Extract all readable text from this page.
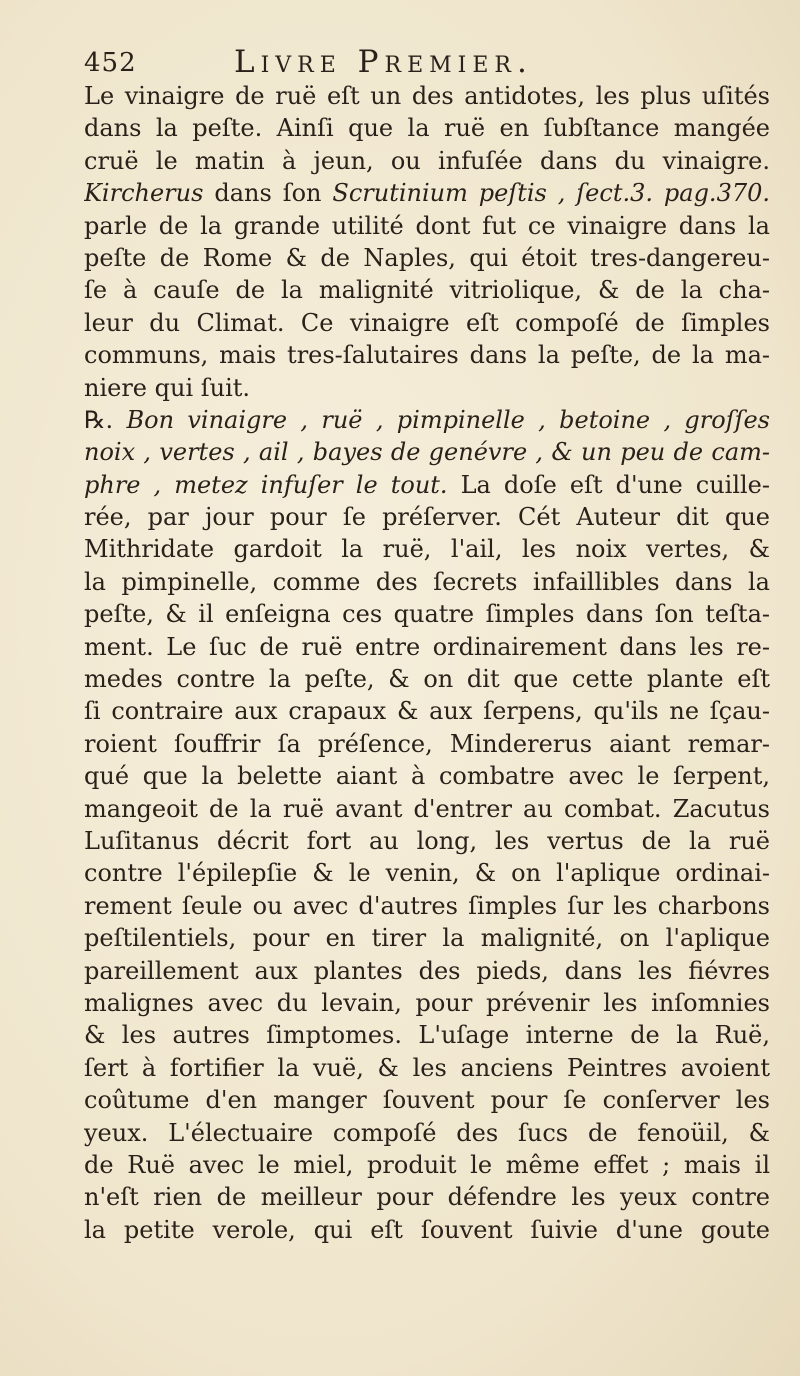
452	Livre Premier.
Le vinaigre de ruë eſt un des antidotes, les plus uſités
dans la peſte. Ainſi que la ruë en ſubſtance mangée
cruë le matin à jeun, ou infuſée dans du vinaigre.
Kircherus dans ſon Scrutinium peſtis , ſect.3. pag.370.
parle de la grande utilité dont fut ce vinaigre dans la
peſte de Rome & de Naples, qui étoit tres-dangereu-
ſe à cauſe de la malignité vitriolique, & de la cha-
leur du Climat. Ce vinaigre eſt compoſé de ſimples
communs, mais tres-ſalutaires dans la peſte, de la ma-
niere qui ſuit.
℞. Bon vinaigre , ruë , pimpinelle , betoine , groſſes
noix , vertes , ail , bayes de genévre , & un peu de cam-
phre , metez infuſer le tout. La doſe eſt d'une cuille-
rée, par jour pour ſe préſerver. Cét Auteur dit que
Mithridate gardoit la ruë, l'ail, les noix vertes, &
la pimpinelle, comme des ſecrets infaillibles dans la
peſte, & il enſeigna ces quatre ſimples dans ſon teſta-
ment. Le ſuc de ruë entre ordinairement dans les re-
medes contre la peſte, & on dit que cette plante eſt
ſi contraire aux crapaux & aux ſerpens, qu'ils ne ſçau-
roient ſouffrir ſa préſence, Mindererus aiant remar-
qué que la belette aiant à combatre avec le ſerpent,
mangeoit de la ruë avant d'entrer au combat. Zacutus
Luſitanus décrit fort au long, les vertus de la ruë
contre l'épilepſie & le venin, & on l'aplique ordinai-
rement ſeule ou avec d'autres ſimples ſur les charbons
peſtilentiels, pour en tirer la malignité, on l'aplique
pareillement aux plantes des pieds, dans les fiévres
malignes avec du levain, pour prévenir les inſomnies
& les autres ſimptomes. L'uſage interne de la Ruë,
ſert à fortifier la vuë, & les anciens Peintres avoient
coûtume d'en manger ſouvent pour ſe conſerver les
yeux. L'électuaire compoſé des ſucs de fenoüil, &
de Ruë avec le miel, produit le même effet ; mais il
n'eſt rien de meilleur pour défendre les yeux contre
la petite verole, qui eſt ſouvent ſuivie d'une goute
